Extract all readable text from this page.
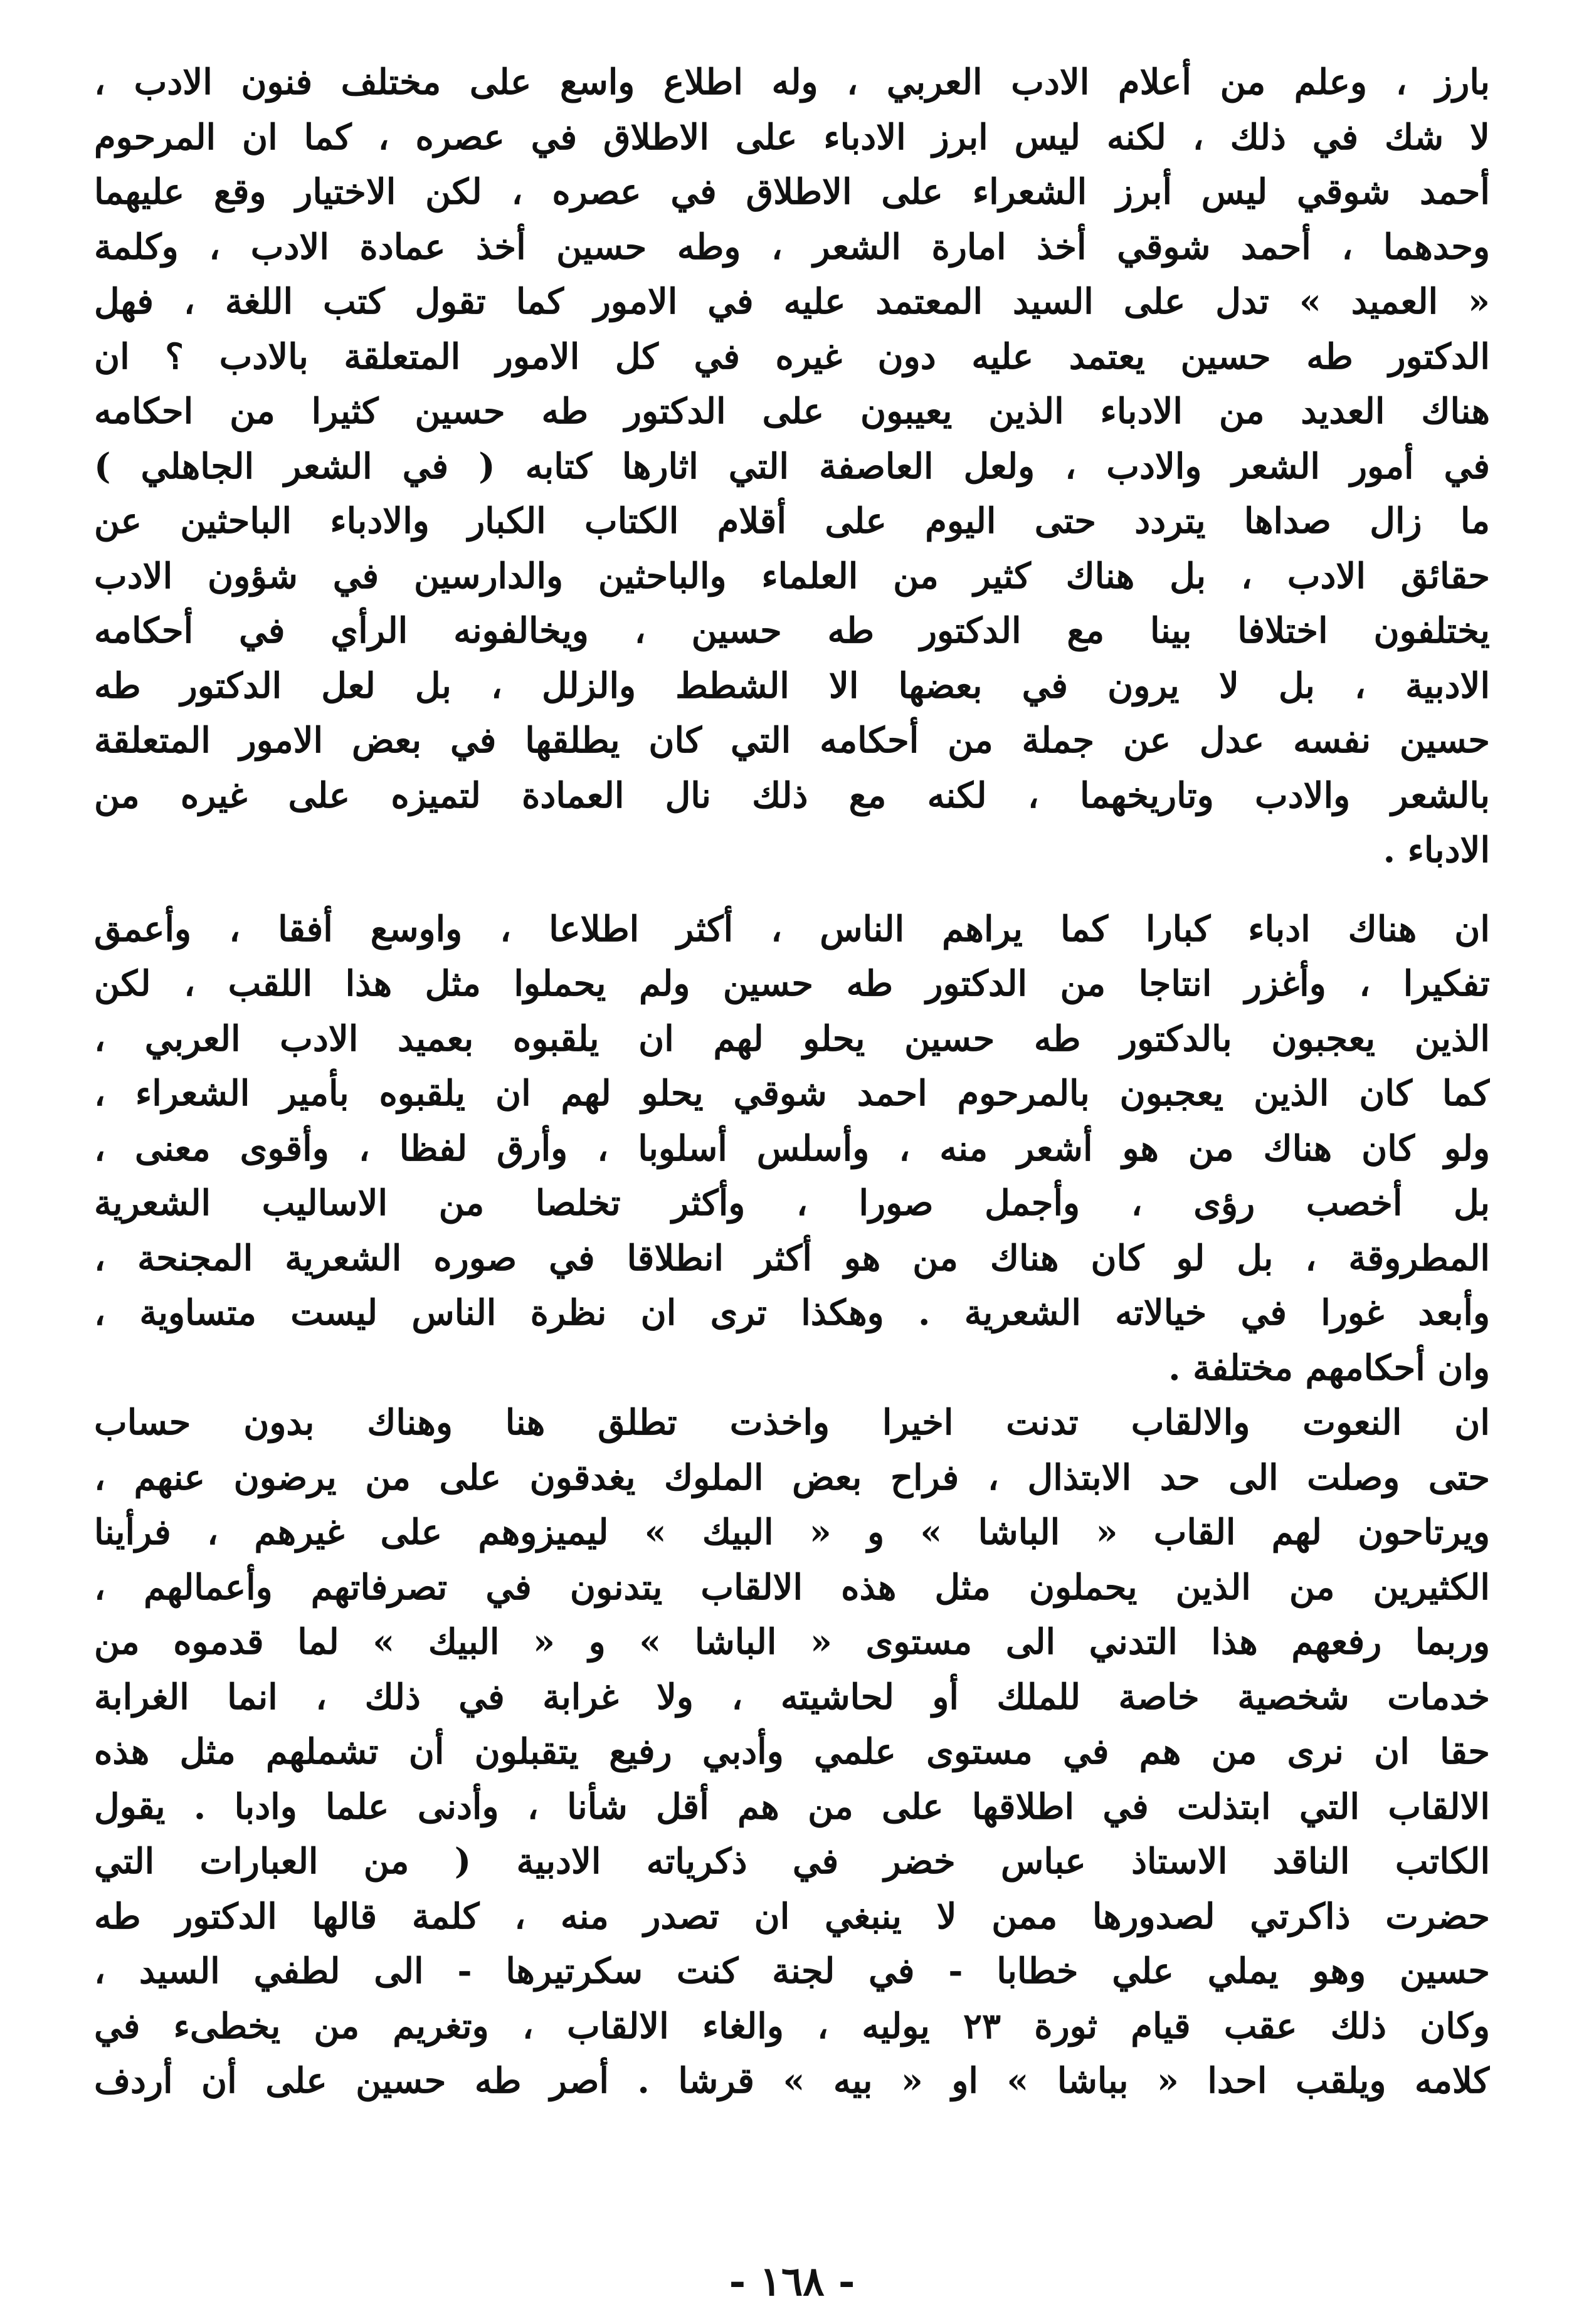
بارز ، وعلم من أعلام الادب العربي ، وله اطلاع واسع على مختلف فنون الادب ،
لا شك في ذلك ، لكنه ليس ابرز الادباء على الاطلاق في عصره ، كما ان المرحوم
أحمد شوقي ليس أبرز الشعراء على الاطلاق في عصره ، لكن الاختيار وقع عليهما
وحدهما ، أحمد شوقي أخذ امارة الشعر ، وطه حسين أخذ عمادة الادب ، وكلمة
« العميد » تدل على السيد المعتمد عليه في الامور كما تقول كتب اللغة ، فهل
الدكتور طه حسين يعتمد عليه دون غيره في كل الامور المتعلقة بالادب ؟ ان
هناك العديد من الادباء الذين يعيبون على الدكتور طه حسين كثيرا من احكامه
في أمور الشعر والادب ، ولعل العاصفة التي اثارها كتابه ( في الشعر الجاهلي )
ما زال صداها يتردد حتى اليوم على أقلام الكتاب الكبار والادباء الباحثين عن
حقائق الادب ، بل هناك كثير من العلماء والباحثين والدارسين في شؤون الادب
يختلفون اختلافا بينا مع الدكتور طه حسين ، ويخالفونه الرأي في أحكامه
الادبية ، بل لا يرون في بعضها الا الشطط والزلل ، بل لعل الدكتور طه
حسين نفسه عدل عن جملة من أحكامه التي كان يطلقها في بعض الامور المتعلقة
بالشعر والادب وتاريخهما ، لكنه مع ذلك نال العمادة لتميزه على غيره من
الادباء .
ان هناك ادباء كبارا كما يراهم الناس ، أكثر اطلاعا ، واوسع أفقا ، وأعمق
تفكيرا ، وأغزر انتاجا من الدكتور طه حسين ولم يحملوا مثل هذا اللقب ، لكن
الذين يعجبون بالدكتور طه حسين يحلو لهم ان يلقبوه بعميد الادب العربي ،
كما كان الذين يعجبون بالمرحوم احمد شوقي يحلو لهم ان يلقبوه بأمير الشعراء ،
ولو كان هناك من هو أشعر منه ، وأسلس أسلوبا ، وأرق لفظا ، وأقوى معنى ،
بل أخصب رؤى ، وأجمل صورا ، وأكثر تخلصا من الاساليب الشعرية
المطروقة ، بل لو كان هناك من هو أكثر انطلاقا في صوره الشعرية المجنحة ،
وأبعد غورا في خيالاته الشعرية . وهكذا ترى ان نظرة الناس ليست متساوية ،
وان أحكامهم مختلفة .
ان النعوت والالقاب تدنت اخيرا واخذت تطلق هنا وهناك بدون حساب
حتى وصلت الى حد الابتذال ، فراح بعض الملوك يغدقون على من يرضون عنهم ،
ويرتاحون لهم القاب « الباشا » و « البيك » ليميزوهم على غيرهم ، فرأينا
الكثيرين من الذين يحملون مثل هذه الالقاب يتدنون في تصرفاتهم وأعمالهم ،
وربما رفعهم هذا التدني الى مستوى « الباشا » و « البيك » لما قدموه من
خدمات شخصية خاصة للملك أو لحاشيته ، ولا غرابة في ذلك ، انما الغرابة
حقا ان نرى من هم في مستوى علمي وأدبي رفيع يتقبلون أن تشملهم مثل هذه
الالقاب التي ابتذلت في اطلاقها على من هم أقل شأنا ، وأدنى علما وادبا . يقول
الكاتب الناقد الاستاذ عباس خضر في ذكرياته الادبية ( من العبارات التي
حضرت ذاكرتي لصدورها ممن لا ينبغي ان تصدر منه ، كلمة قالها الدكتور طه
حسين وهو يملي علي خطابا - في لجنة كنت سكرتيرها - الى لطفي السيد ،
وكان ذلك عقب قيام ثورة ٢٣ يوليه ، والغاء الالقاب ، وتغريم من يخطىء في
كلامه ويلقب احدا « بباشا » او « بيه » قرشا . أصر طه حسين على أن أردف
- ١٦٨ -
